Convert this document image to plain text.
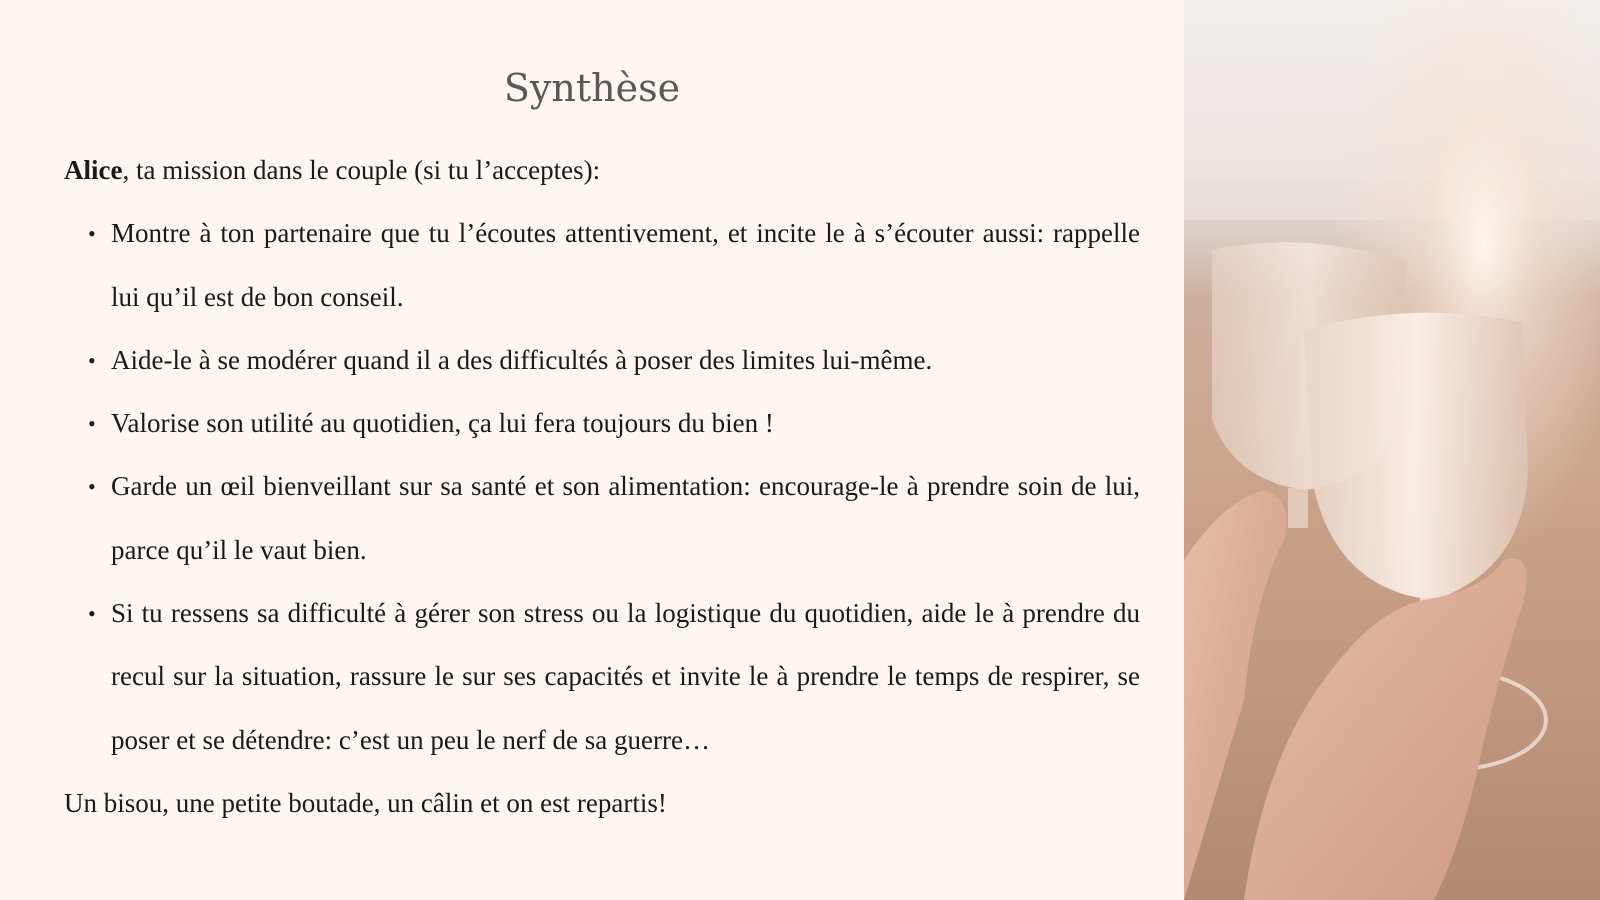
Synthèse

Alice, ta mission dans le couple (si tu l’acceptes):

• Montre à ton partenaire que tu l’écoutes attentivement, et incite le à s’écouter aussi: rappelle lui qu’il est de bon conseil.
• Aide-le à se modérer quand il a des difficultés à poser des limites lui-même.
• Valorise son utilité au quotidien, ça lui fera toujours du bien !
• Garde un œil bienveillant sur sa santé et son alimentation: encourage-le à prendre soin de lui, parce qu’il le vaut bien.
• Si tu ressens sa difficulté à gérer son stress ou la logistique du quotidien, aide le à prendre du recul sur la situation, rassure le sur ses capacités et invite le à prendre le temps de respirer, se poser et se détendre: c’est un peu le nerf de sa guerre…

Un bisou, une petite boutade, un câlin et on est repartis!
